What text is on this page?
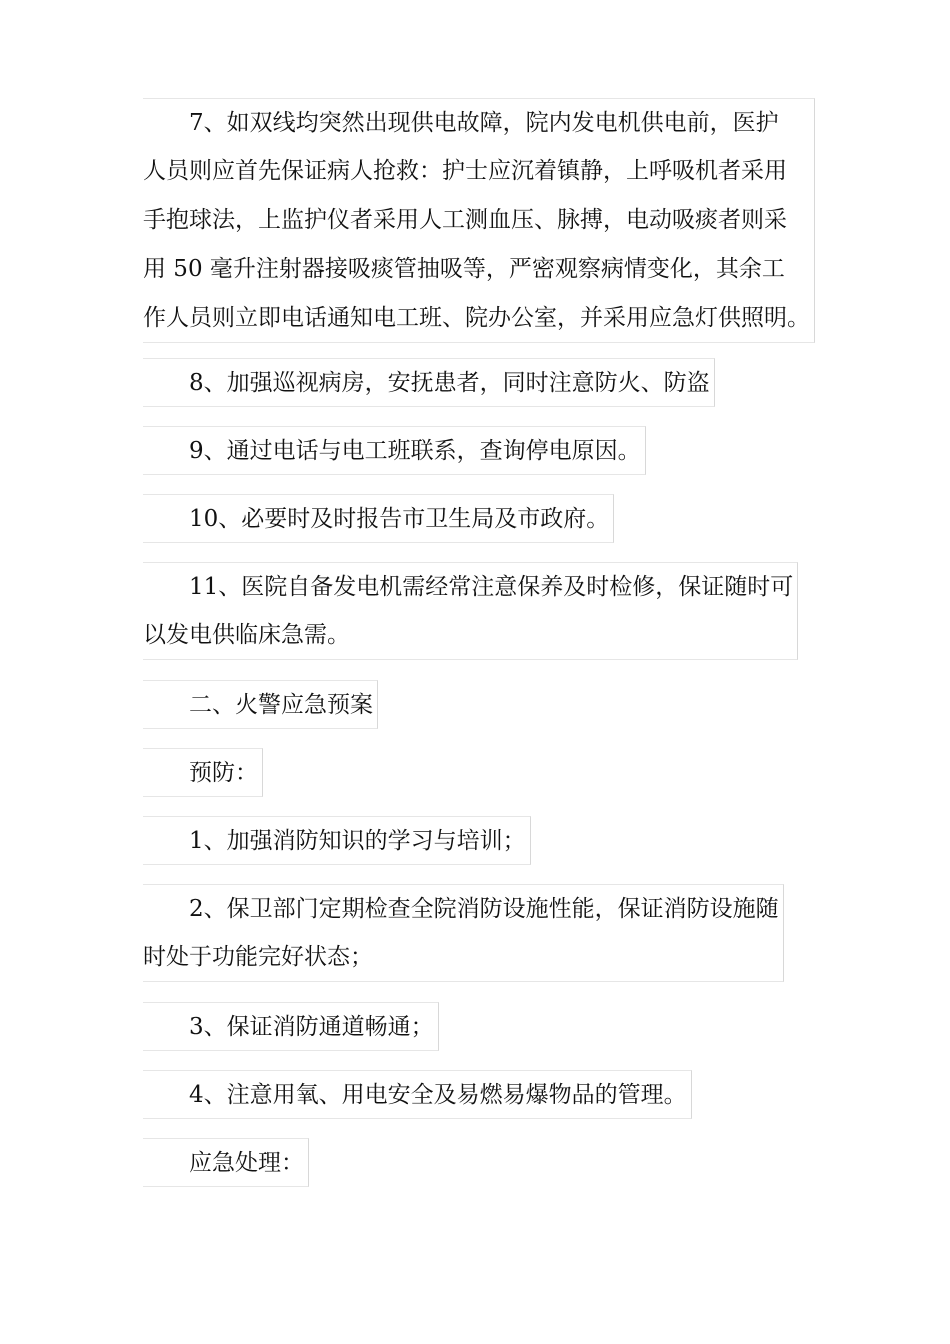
7、如双线均突然出现供电故障，院内发电机供电前，医护
人员则应首先保证病人抢救：护士应沉着镇静，上呼吸机者采用
手抱球法，上监护仪者采用人工测血压、脉搏，电动吸痰者则采
用 50 毫升注射器接吸痰管抽吸等，严密观察病情变化，其余工
作人员则立即电话通知电工班、院办公室，并采用应急灯供照明。
8、加强巡视病房，安抚患者，同时注意防火、防盗
9、通过电话与电工班联系，查询停电原因。
10、必要时及时报告市卫生局及市政府。
11、医院自备发电机需经常注意保养及时检修，保证随时可
以发电供临床急需。
二、火警应急预案
预防：
1、加强消防知识的学习与培训；
2、保卫部门定期检查全院消防设施性能，保证消防设施随
时处于功能完好状态；
3、保证消防通道畅通；
4、注意用氧、用电安全及易燃易爆物品的管理。
应急处理：
